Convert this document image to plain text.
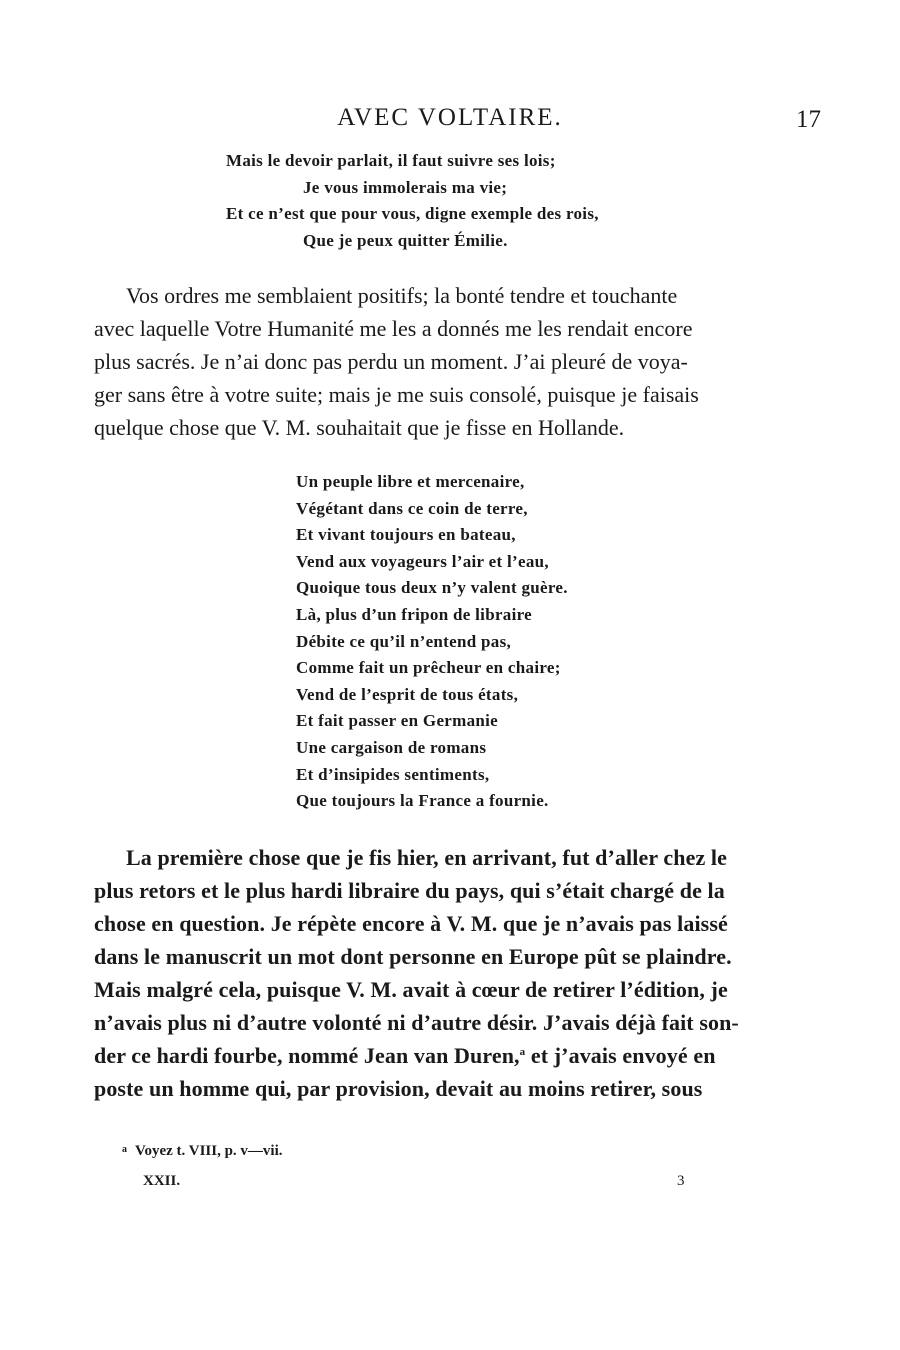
AVEC VOLTAIRE.	17
Mais le devoir parlait, il faut suivre ses lois;
Je vous immolerais ma vie;
Et ce n’est que pour vous, digne exemple des rois,
Que je peux quitter Émilie.
Vos ordres me semblaient positifs; la bonté tendre et touchante
avec laquelle Votre Humanité me les a donnés me les rendait encore
plus sacrés. Je n’ai donc pas perdu un moment. J’ai pleuré de voya-
ger sans être à votre suite; mais je me suis consolé, puisque je faisais
quelque chose que V. M. souhaitait que je fisse en Hollande.
Un peuple libre et mercenaire,
Végétant dans ce coin de terre,
Et vivant toujours en bateau,
Vend aux voyageurs l’air et l’eau,
Quoique tous deux n’y valent guère.
Là, plus d’un fripon de libraire
Débite ce qu’il n’entend pas,
Comme fait un prêcheur en chaire;
Vend de l’esprit de tous états,
Et fait passer en Germanie
Une cargaison de romans
Et d’insipides sentiments,
Que toujours la France a fournie.
La première chose que je fis hier, en arrivant, fut d’aller chez le
plus retors et le plus hardi libraire du pays, qui s’était chargé de la
chose en question. Je répète encore à V. M. que je n’avais pas laissé
dans le manuscrit un mot dont personne en Europe pût se plaindre.
Mais malgré cela, puisque V. M. avait à cœur de retirer l’édition, je
n’avais plus ni d’autre volonté ni d’autre désir. J’avais déjà fait son-
der ce hardi fourbe, nommé Jean van Duren,$^a$ et j’avais envoyé en
poste un homme qui, par provision, devait au moins retirer, sous
$^a$ Voyez t. VIII, p. v—vii.
XXII.	3
